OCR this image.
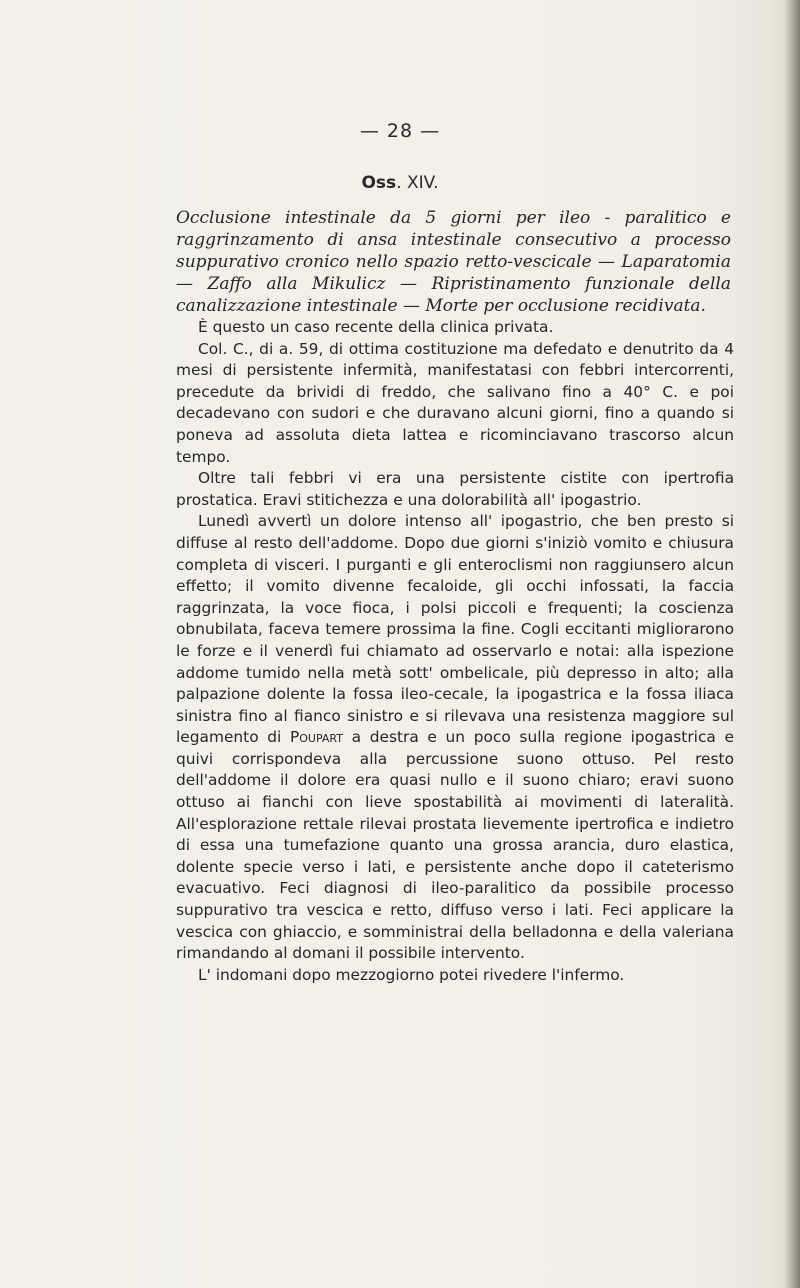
— 28 —
Oss. XIV.
Occlusione intestinale da 5 giorni per ileo - paralitico e raggrinzamento di ansa intestinale consecutivo a processo suppurativo cronico nello spazio retto-vescicale — Laparatomia — Zaffo alla Mikulicz — Ripristinamento funzionale della canalizzazione intestinale — Morte per occlusione recidivata.

È questo un caso recente della clinica privata.

Col. C., di a. 59, di ottima costituzione ma defedato e denutrito da 4 mesi di persistente infermità, manifestatasi con febbri intercorrenti, precedute da brividi di freddo, che salivano fino a 40° C. e poi decadevano con sudori e che duravano alcuni giorni, fino a quando si poneva ad assoluta dieta lattea e ricominciavano trascorso alcun tempo.

Oltre tali febbri vi era una persistente cistite con ipertrofia prostatica. Eravi stitichezza e una dolorabilità all' ipogastrio.

Lunedì avvertì un dolore intenso all' ipogastrio, che ben presto si diffuse al resto dell'addome. Dopo due giorni s'iniziò vomito e chiusura completa di visceri. I purganti e gli enteroclismi non raggiunsero alcun effetto; il vomito divenne fecaloide, gli occhi infossati, la faccia raggrinzata, la voce fioca, i polsi piccoli e frequenti; la coscienza obnubilata, faceva temere prossima la fine. Cogli eccitanti migliorarono le forze e il venerdì fui chiamato ad osservarlo e notai: alla ispezione addome tumido nella metà sott' ombelicale, più depresso in alto; alla palpazione dolente la fossa ileo-cecale, la ipogastrica e la fossa iliaca sinistra fino al fianco sinistro e si rilevava una resistenza maggiore sul legamento di Poupart a destra e un poco sulla regione ipogastrica e quivi corrispondeva alla percussione suono ottuso. Pel resto dell'addome il dolore era quasi nullo e il suono chiaro; eravi suono ottuso ai fianchi con lieve spostabilità ai movimenti di lateralità. All'esplorazione rettale rilevai prostata lievemente ipertrofica e indietro di essa una tumefazione quanto una grossa arancia, duro elastica, dolente specie verso i lati, e persistente anche dopo il cateterismo evacuativo. Feci diagnosi di ileo-paralitico da possibile processo suppurativo tra vescica e retto, diffuso verso i lati. Feci applicare la vescica con ghiaccio, e somministrai della belladonna e della valeriana rimandando al domani il possibile intervento.

L' indomani dopo mezzogiorno potei rivedere l'infermo.
